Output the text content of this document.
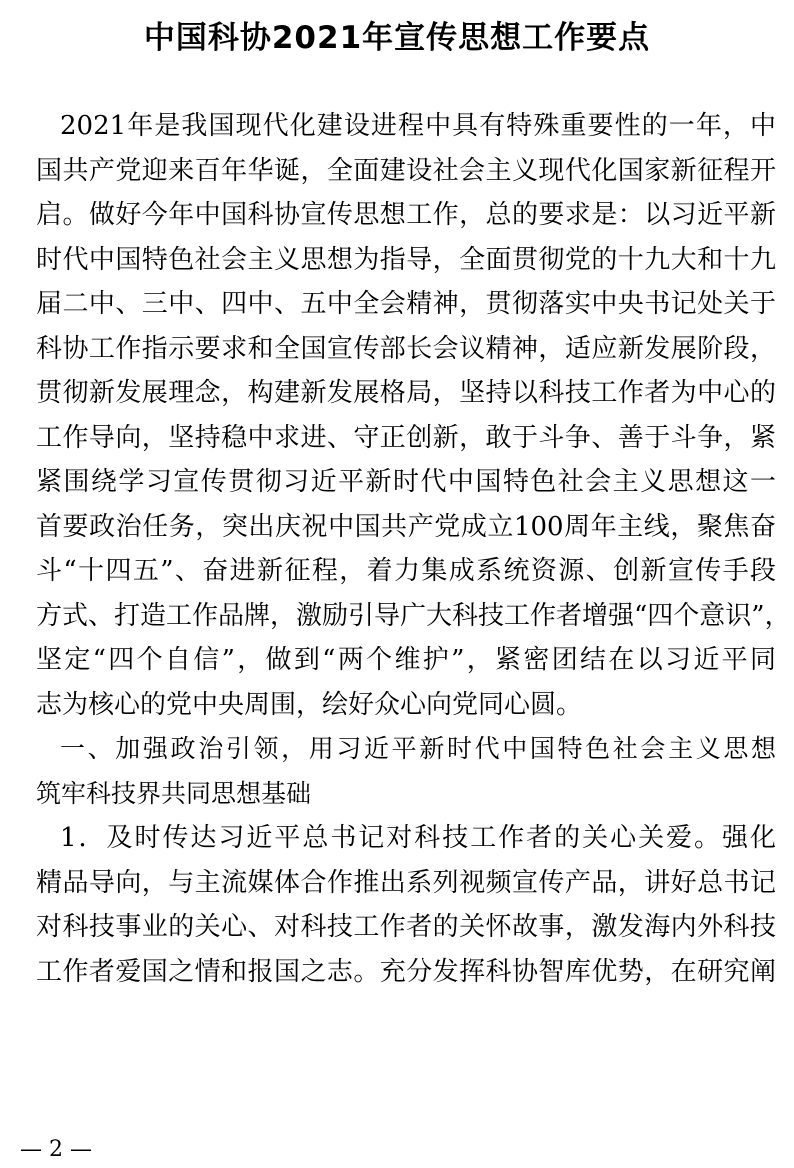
中国科协2021年宣传思想工作要点
2021年是我国现代化建设进程中具有特殊重要性的一年，中
国共产党迎来百年华诞，全面建设社会主义现代化国家新征程开
启。做好今年中国科协宣传思想工作，总的要求是：以习近平新
时代中国特色社会主义思想为指导，全面贯彻党的十九大和十九
届二中、三中、四中、五中全会精神，贯彻落实中央书记处关于
科协工作指示要求和全国宣传部长会议精神，适应新发展阶段，
贯彻新发展理念，构建新发展格局，坚持以科技工作者为中心的
工作导向，坚持稳中求进、守正创新，敢于斗争、善于斗争，紧
紧围绕学习宣传贯彻习近平新时代中国特色社会主义思想这一
首要政治任务，突出庆祝中国共产党成立100周年主线，聚焦奋
斗“十四五”、奋进新征程，着力集成系统资源、创新宣传手段
方式、打造工作品牌，激励引导广大科技工作者增强“四个意识”，
坚定“四个自信”，做到“两个维护”，紧密团结在以习近平同
志为核心的党中央周围，绘好众心向党同心圆。
一、加强政治引领，用习近平新时代中国特色社会主义思想
筑牢科技界共同思想基础
1．及时传达习近平总书记对科技工作者的关心关爱。强化
精品导向，与主流媒体合作推出系列视频宣传产品，讲好总书记
对科技事业的关心、对科技工作者的关怀故事，激发海内外科技
工作者爱国之情和报国之志。充分发挥科协智库优势，在研究阐
— 2 —
